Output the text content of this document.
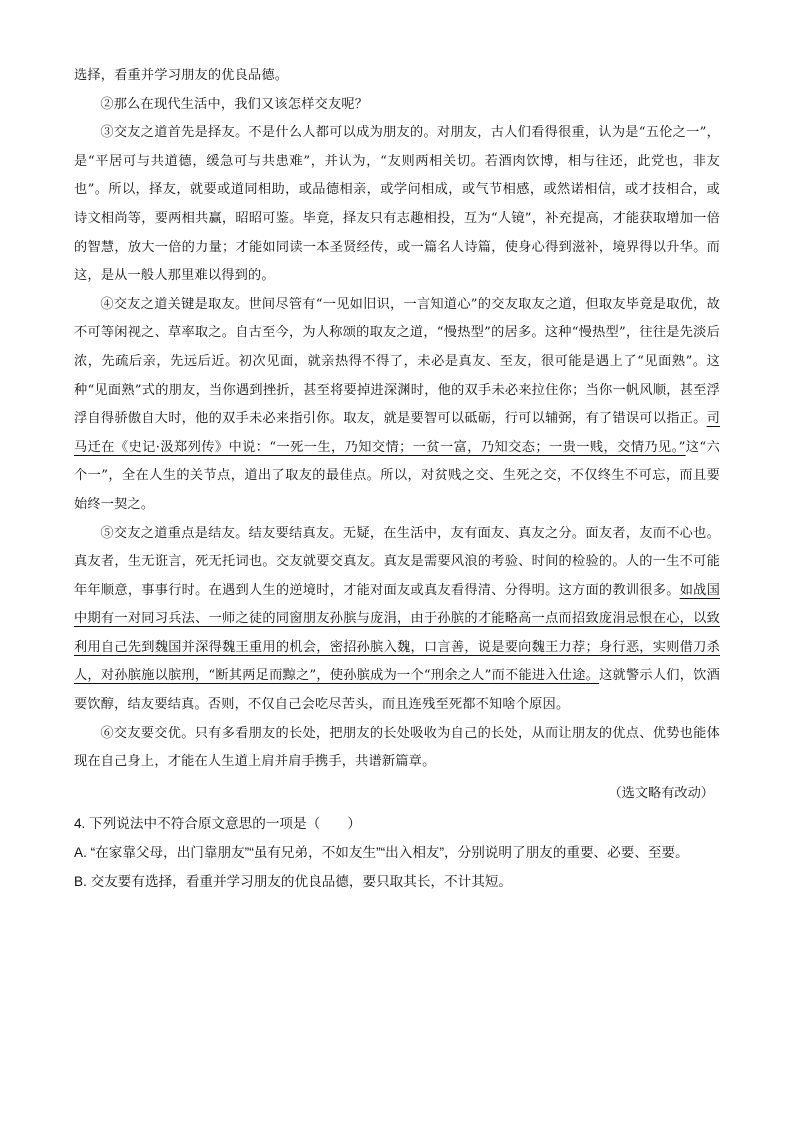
选择，看重并学习朋友的优良品德。

②那么在现代生活中，我们又该怎样交友呢？

③交友之道首先是择友。不是什么人都可以成为朋友的。对朋友，古人们看得很重，认为是“五伦之一”，是“平居可与共道德，缓急可与共患难”，并认为，“友则两相关切。若酒肉饮博，相与往还，此党也，非友也”。所以，择友，就要或道同相助，或品德相亲，或学问相成，或气节相感，或然诺相信，或才技相合，或诗文相尚等，要两相共赢，昭昭可鉴。毕竟，择友只有志趣相投，互为“人镜”，补充提高，才能获取增加一倍的智慧，放大一倍的力量；才能如同读一本圣贤经传，或一篇名人诗篇，使身心得到滋补，境界得以升华。而这，是从一般人那里难以得到的。

④交友之道关键是取友。世间尽管有“一见如旧识，一言知道心”的交友取友之道，但取友毕竟是取优，故不可等闲视之、草率取之。自古至今，为人称颂的取友之道，“慢热型”的居多。这种“慢热型”，往往是先淡后浓，先疏后亲，先远后近。初次见面，就亲热得不得了，未必是真友、至友，很可能是遇上了“见面熟”。这种“见面熟”式的朋友，当你遇到挫折，甚至将要掉进深渊时，他的双手未必来拉住你；当你一帆风顺，甚至浮浮自得骄傲自大时，他的双手未必来指引你。取友，就是要智可以砥砺，行可以辅弼，有了错误可以指正。司马迁在《史记·汲郑列传》中说：“一死一生，乃知交情；一贫一富，乃知交态；一贵一贱，交情乃见。”这“六个一”，全在人生的关节点，道出了取友的最佳点。所以，对贫贱之交、生死之交，不仅终生不可忘，而且要始终一契之。

⑤交友之道重点是结友。结友要结真友。无疑，在生活中，友有面友、真友之分。面友者，友而不心也。真友者，生无诳言，死无托词也。交友就要交真友。真友是需要风浪的考验、时间的检验的。人的一生不可能年年顺意，事事行时。在遇到人生的逆境时，才能对面友或真友看得清、分得明。这方面的教训很多。如战国中期有一对同习兵法、一师之徒的同窗朋友孙膑与庞涓，由于孙膑的才能略高一点而招致庞涓忌恨在心，以致利用自己先到魏国并深得魏王重用的机会，密招孙膑入魏，口言善，说是要向魏王力荐；身行恶，实则借刀杀人，对孙膑施以膑刑，“断其两足而黥之”，使孙膑成为一个“刑余之人”而不能进入仕途。这就警示人们，饮酒要饮醇，结友要结真。否则，不仅自己会吃尽苦头，而且连残至死都不知啥个原因。

⑥交友要交优。只有多看朋友的长处，把朋友的长处吸收为自己的长处，从而让朋友的优点、优势也能体现在自己身上，才能在人生道上肩并肩手携手，共谱新篇章。

（选文略有改动）

4. 下列说法中不符合原文意思的一项是（　　）

A. “在家靠父母，出门靠朋友”“虽有兄弟，不如友生”“出入相友”，分别说明了朋友的重要、必要、至要。

B. 交友要有选择，看重并学习朋友的优良品德，要只取其长，不计其短。
